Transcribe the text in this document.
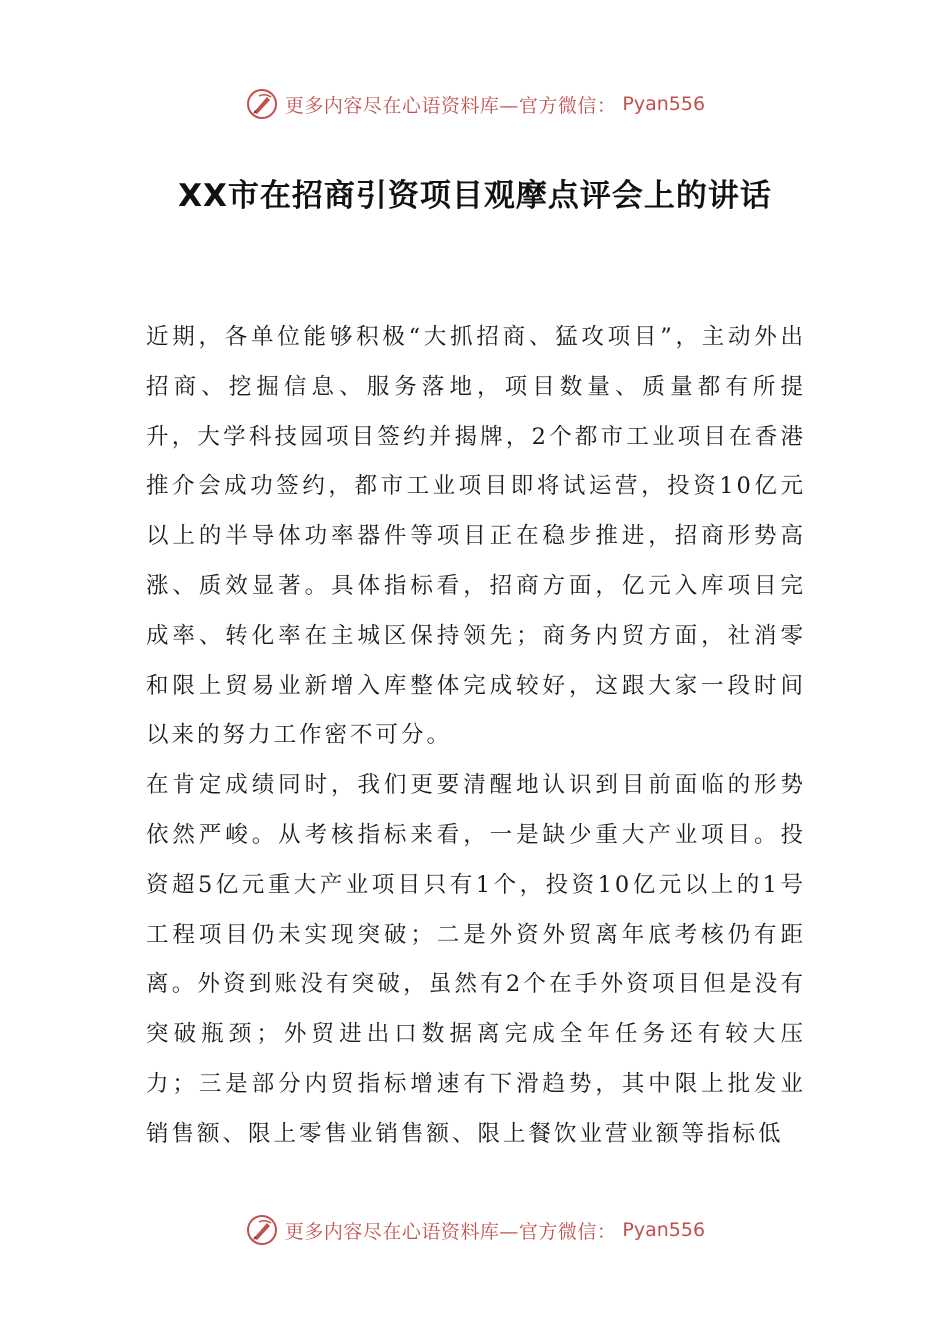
更多内容尽在心语资料库—官方微信： Pyan556
XX市在招商引资项目观摩点评会上的讲话

近期，各单位能够积极“大抓招商、猛攻项目”，主动外出招商、挖掘信息、服务落地，项目数量、质量都有所提升，大学科技园项目签约并揭牌，2个都市工业项目在香港推介会成功签约，都市工业项目即将试运营，投资10亿元以上的半导体功率器件等项目正在稳步推进，招商形势高涨、质效显著。具体指标看，招商方面，亿元入库项目完成率、转化率在主城区保持领先；商务内贸方面，社消零和限上贸易业新增入库整体完成较好，这跟大家一段时间以来的努力工作密不可分。

在肯定成绩同时，我们更要清醒地认识到目前面临的形势依然严峻。从考核指标来看，一是缺少重大产业项目。投资超5亿元重大产业项目只有1个，投资10亿元以上的1号工程项目仍未实现突破；二是外资外贸离年底考核仍有距离。外资到账没有突破，虽然有2个在手外资项目但是没有突破瓶颈；外贸进出口数据离完成全年任务还有较大压力；三是部分内贸指标增速有下滑趋势，其中限上批发业销售额、限上零售业销售额、限上餐饮业营业额等指标低

更多内容尽在心语资料库—官方微信： Pyan556
